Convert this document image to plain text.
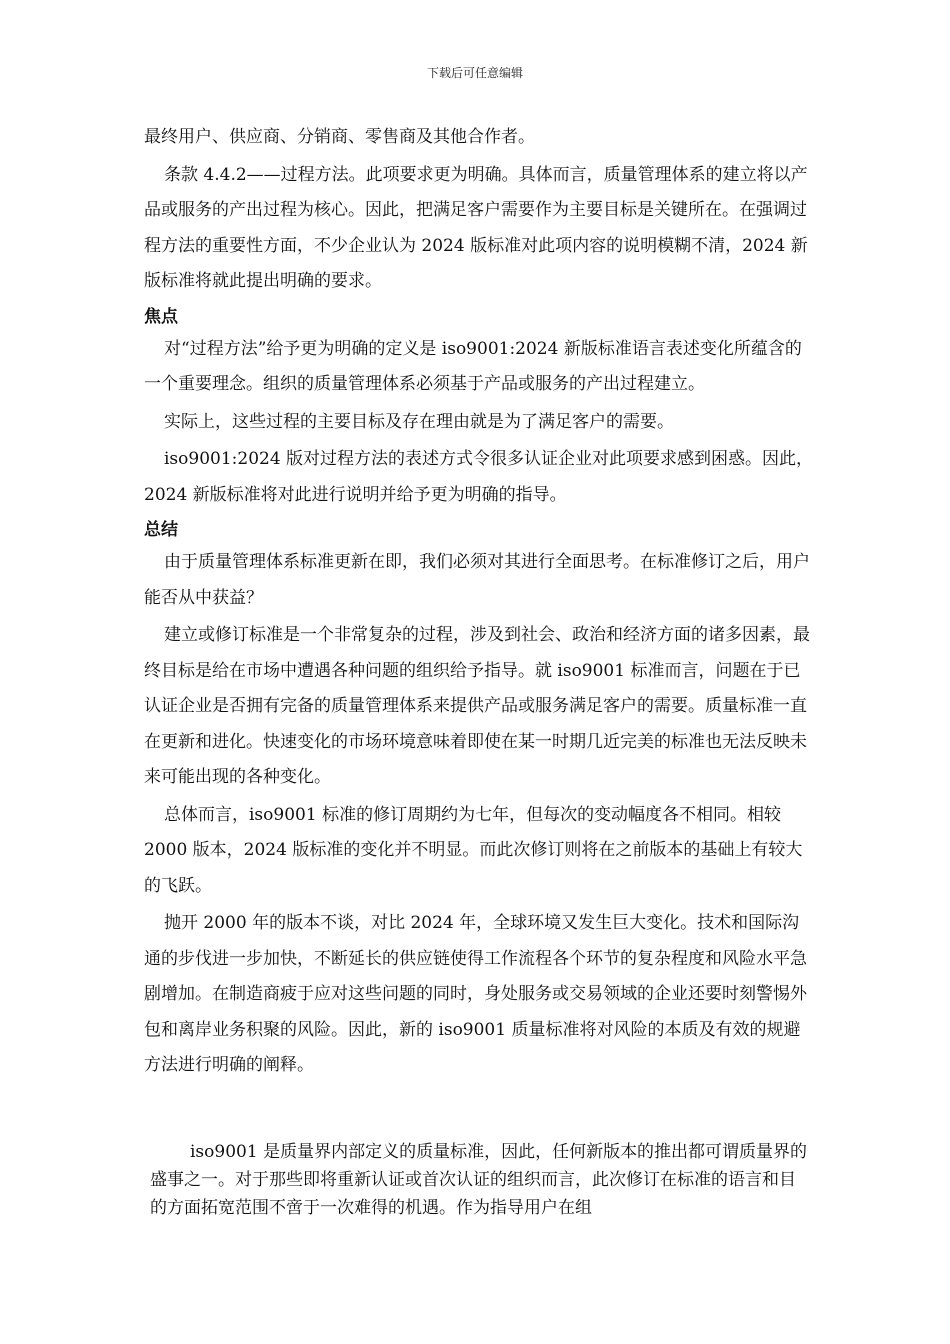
下载后可任意编辑

最终用户、供应商、分销商、零售商及其他合作者。

条款 4.4.2——过程方法。此项要求更为明确。具体而言，质量管理体系的建立将以产品或服务的产出过程为核心。因此，把满足客户需要作为主要目标是关键所在。在强调过程方法的重要性方面，不少企业认为 2024 版标准对此项内容的说明模糊不清，2024 新版标准将就此提出明确的要求。

焦点

对“过程方法”给予更为明确的定义是 iso9001:2024 新版标准语言表述变化所蕴含的一个重要理念。组织的质量管理体系必须基于产品或服务的产出过程建立。

实际上，这些过程的主要目标及存在理由就是为了满足客户的需要。

iso9001:2024 版对过程方法的表述方式令很多认证企业对此项要求感到困惑。因此，2024 新版标准将对此进行说明并给予更为明确的指导。

总结

由于质量管理体系标准更新在即，我们必须对其进行全面思考。在标准修订之后，用户能否从中获益？

建立或修订标准是一个非常复杂的过程，涉及到社会、政治和经济方面的诸多因素，最终目标是给在市场中遭遇各种问题的组织给予指导。就 iso9001 标准而言，问题在于已认证企业是否拥有完备的质量管理体系来提供产品或服务满足客户的需要。质量标准一直在更新和进化。快速变化的市场环境意味着即使在某一时期几近完美的标准也无法反映未来可能出现的各种变化。

总体而言，iso9001 标准的修订周期约为七年，但每次的变动幅度各不相同。相较 2000 版本，2024 版标准的变化并不明显。而此次修订则将在之前版本的基础上有较大的飞跃。

抛开 2000 年的版本不谈，对比 2024 年，全球环境又发生巨大变化。技术和国际沟通的步伐进一步加快，不断延长的供应链使得工作流程各个环节的复杂程度和风险水平急剧增加。在制造商疲于应对这些问题的同时，身处服务或交易领域的企业还要时刻警惕外包和离岸业务积聚的风险。因此，新的 iso9001 质量标准将对风险的本质及有效的规避方法进行明确的阐释。

iso9001 是质量界内部定义的质量标准，因此，任何新版本的推出都可谓质量界的盛事之一。对于那些即将重新认证或首次认证的组织而言，此次修订在标准的语言和目的方面拓宽范围不啻于一次难得的机遇。作为指导用户在组
